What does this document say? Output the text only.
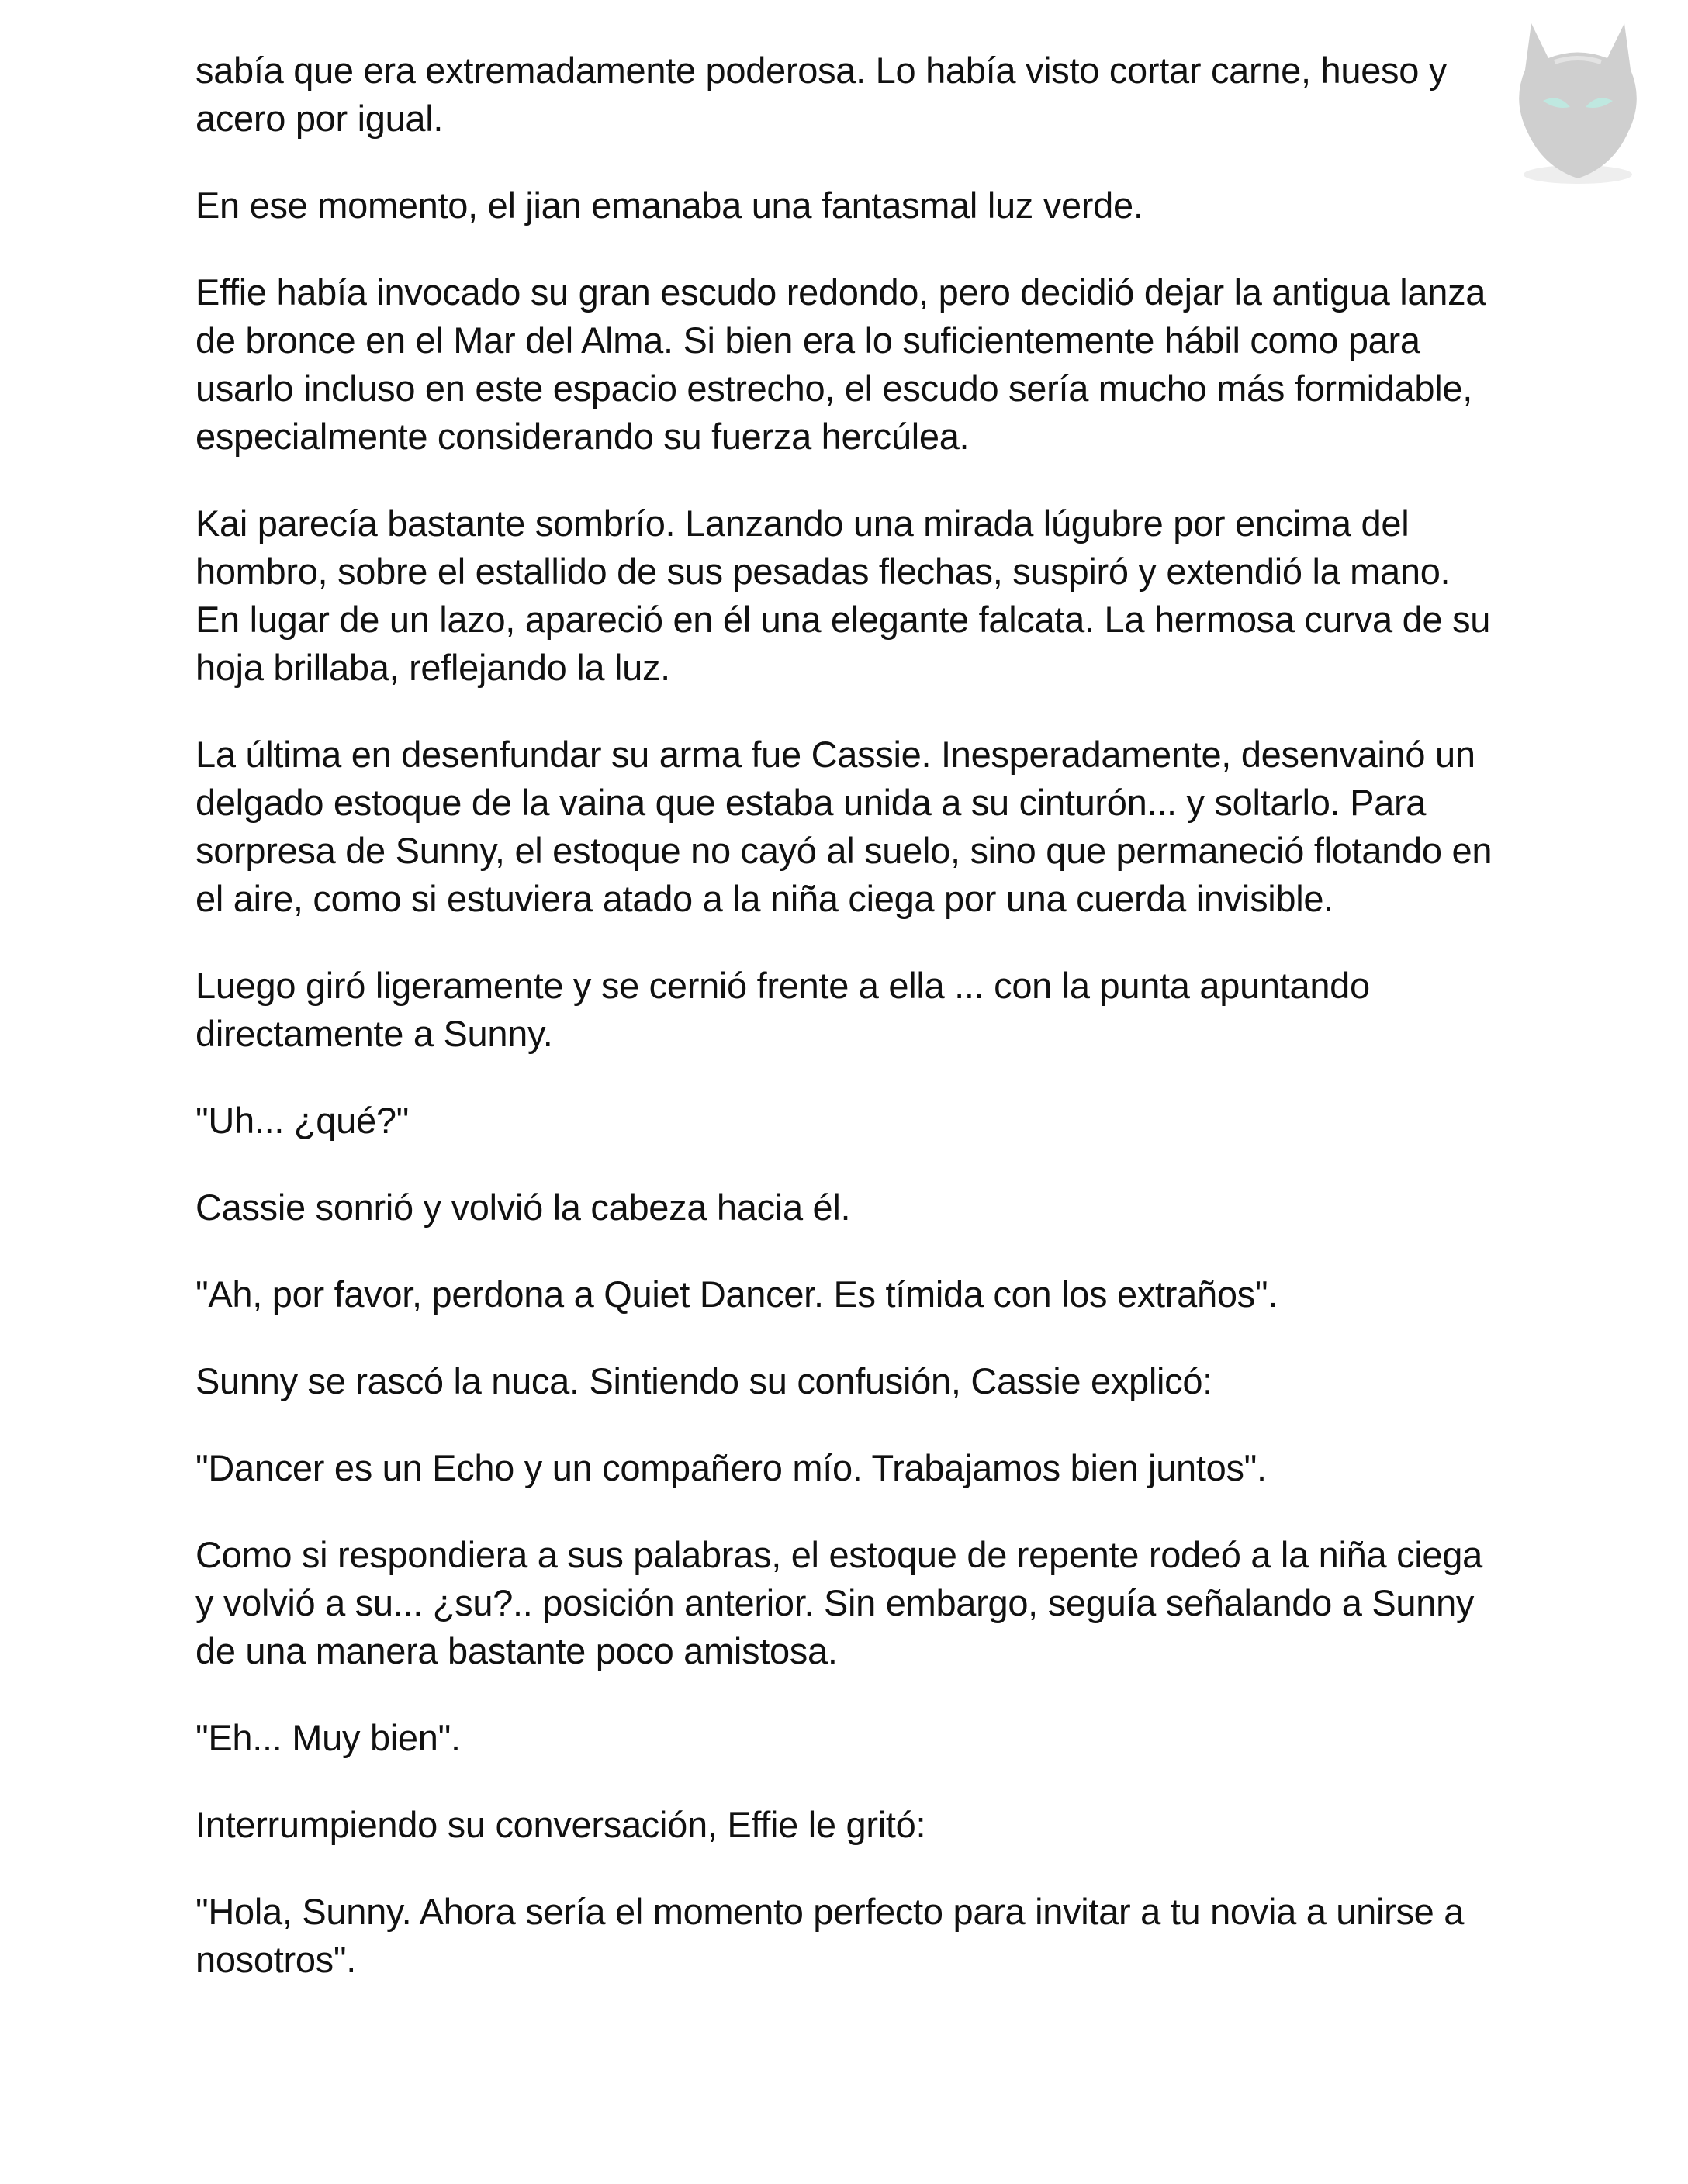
sabía que era extremadamente poderosa. Lo había visto cortar carne, hueso y acero por igual.

En ese momento, el jian emanaba una fantasmal luz verde.

Effie había invocado su gran escudo redondo, pero decidió dejar la antigua lanza de bronce en el Mar del Alma. Si bien era lo suficientemente hábil como para usarlo incluso en este espacio estrecho, el escudo sería mucho más formidable, especialmente considerando su fuerza hercúlea.

Kai parecía bastante sombrío. Lanzando una mirada lúgubre por encima del hombro, sobre el estallido de sus pesadas flechas, suspiró y extendió la mano. En lugar de un lazo, apareció en él una elegante falcata. La hermosa curva de su hoja brillaba, reflejando la luz.

La última en desenfundar su arma fue Cassie. Inesperadamente, desenvainó un delgado estoque de la vaina que estaba unida a su cinturón... y soltarlo. Para sorpresa de Sunny, el estoque no cayó al suelo, sino que permaneció flotando en el aire, como si estuviera atado a la niña ciega por una cuerda invisible.

Luego giró ligeramente y se cernió frente a ella ... con la punta apuntando directamente a Sunny.

"Uh... ¿qué?"

Cassie sonrió y volvió la cabeza hacia él.

"Ah, por favor, perdona a Quiet Dancer. Es tímida con los extraños".

Sunny se rascó la nuca. Sintiendo su confusión, Cassie explicó:

"Dancer es un Echo y un compañero mío. Trabajamos bien juntos".

Como si respondiera a sus palabras, el estoque de repente rodeó a la niña ciega y volvió a su... ¿su?.. posición anterior. Sin embargo, seguía señalando a Sunny de una manera bastante poco amistosa.

"Eh... Muy bien".

Interrumpiendo su conversación, Effie le gritó:

"Hola, Sunny. Ahora sería el momento perfecto para invitar a tu novia a unirse a nosotros".
